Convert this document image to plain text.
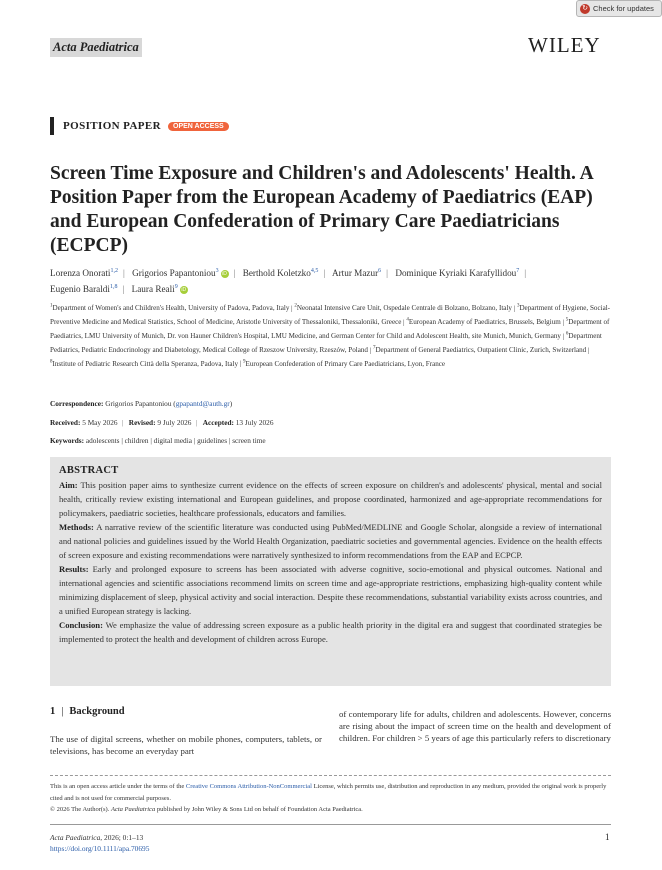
↻ Check for updates
Acta Paediatrica	WILEY
POSITION PAPER	OPEN ACCESS
Screen Time Exposure and Children's and Adolescents' Health. A Position Paper from the European Academy of Paediatrics (EAP) and European Confederation of Primary Care Paediatricians (ECPCP)
Lorenza Onorati$^{1,2}$ | Grigorios Papantoniou$^3$iD | Berthold Koletzko$^{4,5}$ | Artur Mazur$^6$ | Dominique Kyriaki Karafyllidou$^7$ |
Eugenio Baraldi$^{1,8}$ | Laura Reali$^9$iD
$^1$Department of Women's and Children's Health, University of Padova, Padova, Italy | $^2$Neonatal Intensive Care Unit, Ospedale Centrale di Bolzano, Bolzano, Italy | $^3$Department of Hygiene, Social-Preventive Medicine and Medical Statistics, School of Medicine, Aristotle University of Thessaloniki, Thessaloniki, Greece | $^4$European Academy of Paediatrics, Brussels, Belgium | $^5$Department of Paediatrics, LMU University of Munich, Dr. von Hauner Children's Hospital, LMU Medicine, and German Center for Child and Adolescent Health, site Munich, Munich, Germany | $^6$Department Pediatrics, Pediatric Endocrinology and Diabetology, Medical College of Rzeszow University, Rzeszów, Poland | $^7$Department of General Paediatrics, Outpatient Clinic, Zurich, Switzerland | $^8$Institute of Pediatric Research Città della Speranza, Padova, Italy | $^9$European Confederation of Primary Care Paediatricians, Lyon, France
Correspondence: Grigorios Papantoniou (gpapantd@auth.gr)
Received: 5 May 2026 | Revised: 9 July 2026 | Accepted: 13 July 2026
Keywords: adolescents | children | digital media | guidelines | screen time
ABSTRACT

Aim: This position paper aims to synthesize current evidence on the effects of screen exposure on children's and adolescents' physical, mental and social health, critically review existing international and European guidelines, and propose coordinated, harmonized and age-appropriate recommendations for policymakers, paediatric societies, healthcare professionals, educators and families.

Methods: A narrative review of the scientific literature was conducted using PubMed/MEDLINE and Google Scholar, alongside a review of international and national policies and guidelines issued by the World Health Organization, paediatric societies and governmental agencies. Evidence on the health effects of screen exposure and existing recommendations were narratively synthesized to inform recommendations from the EAP and ECPCP.

Results: Early and prolonged exposure to screens has been associated with adverse cognitive, socio-emotional and physical outcomes. National and international agencies and scientific associations recommend limits on screen time and age-appropriate restrictions, emphasizing high-quality content while minimizing displacement of sleep, physical activity and social interaction. Despite these recommendations, substantial variability exists across countries, and a unified European strategy is lacking.

Conclusion: We emphasize the value of addressing screen exposure as a public health priority in the digital era and suggest that coordinated strategies be implemented to protect the health and development of children across Europe.

1 | Background
The use of digital screens, whether on mobile phones, computers, tablets, or televisions, has become an everyday part
of contemporary life for adults, children and adolescents. However, concerns are rising about the impact of screen time on the health and development of children. For children > 5 years of age this particularly refers to discretionary
This is an open access article under the terms of the Creative Commons Attribution-NonCommercial License, which permits use, distribution and reproduction in any medium, provided the original work is properly cited and is not used for commercial purposes.
© 2026 The Author(s). Acta Paediatrica published by John Wiley & Sons Ltd on behalf of Foundation Acta Paediatrica.
Acta Paediatrica, 2026; 0:1–13
https://doi.org/10.1111/apa.70695
1
